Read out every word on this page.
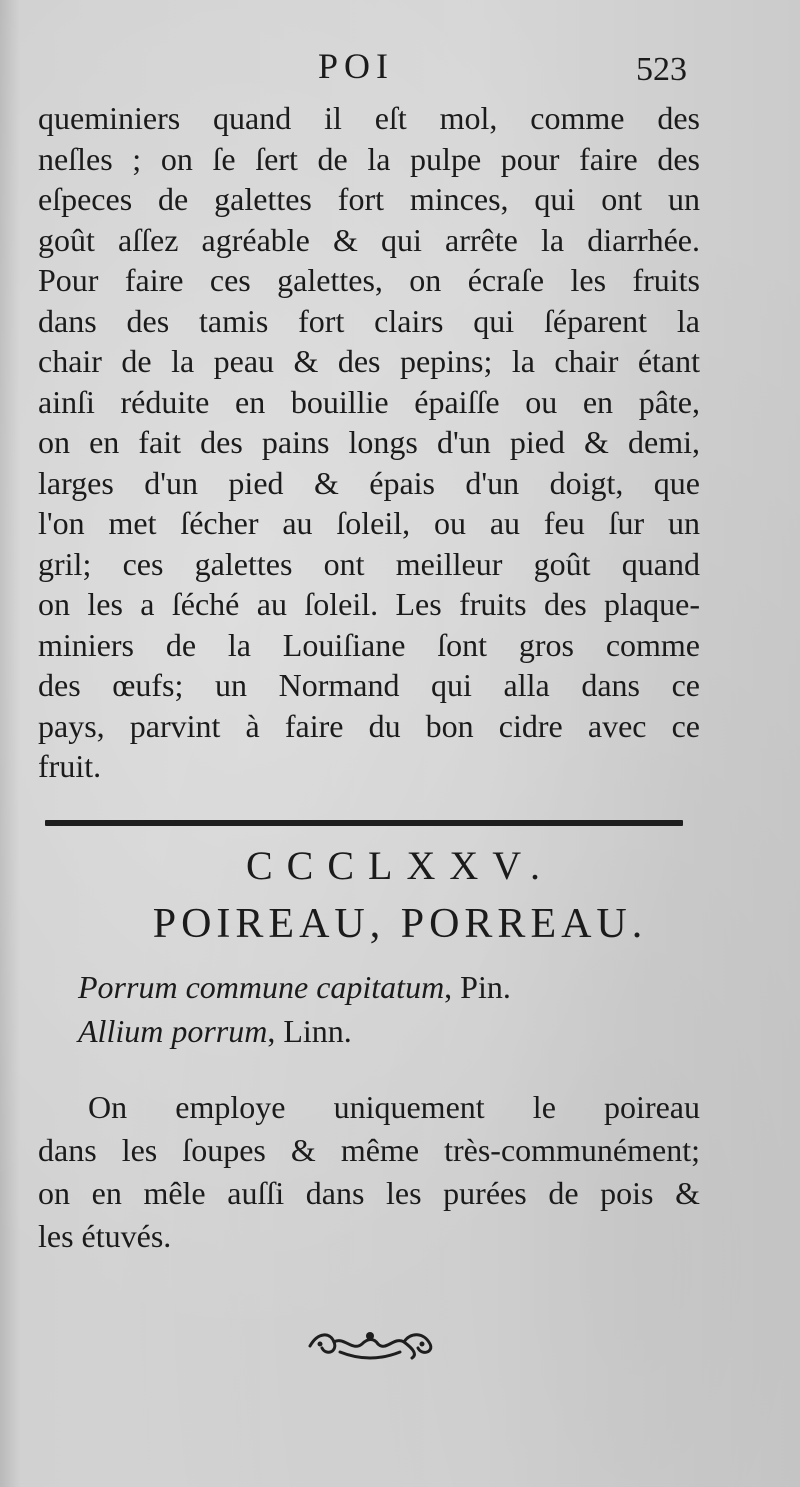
POI	523
queminiers quand il eſt mol, comme des
neſles ; on ſe ſert de la pulpe pour faire des
eſpeces de galettes fort minces, qui ont un
goût aſſez agréable & qui arrête la diarrhée.
Pour faire ces galettes, on écraſe les fruits
dans des tamis fort clairs qui ſéparent la
chair de la peau & des pepins; la chair étant
ainſi réduite en bouillie épaiſſe ou en pâte,
on en fait des pains longs d'un pied & demi,
larges d'un pied & épais d'un doigt, que
l'on met ſécher au ſoleil, ou au feu ſur un
gril; ces galettes ont meilleur goût quand
on les a ſéché au ſoleil. Les fruits des plaque-
miniers de la Louiſiane ſont gros comme
des œufs; un Normand qui alla dans ce
pays, parvint à faire du bon cidre avec ce
fruit.
CCCLXXV.
POIREAU, PORREAU.
Porrum commune capitatum, Pin.
Allium porrum, Linn.
On employe uniquement le poireau
dans les ſoupes & même très-communément;
on en mêle auſſi dans les purées de pois &
les étuvés.
